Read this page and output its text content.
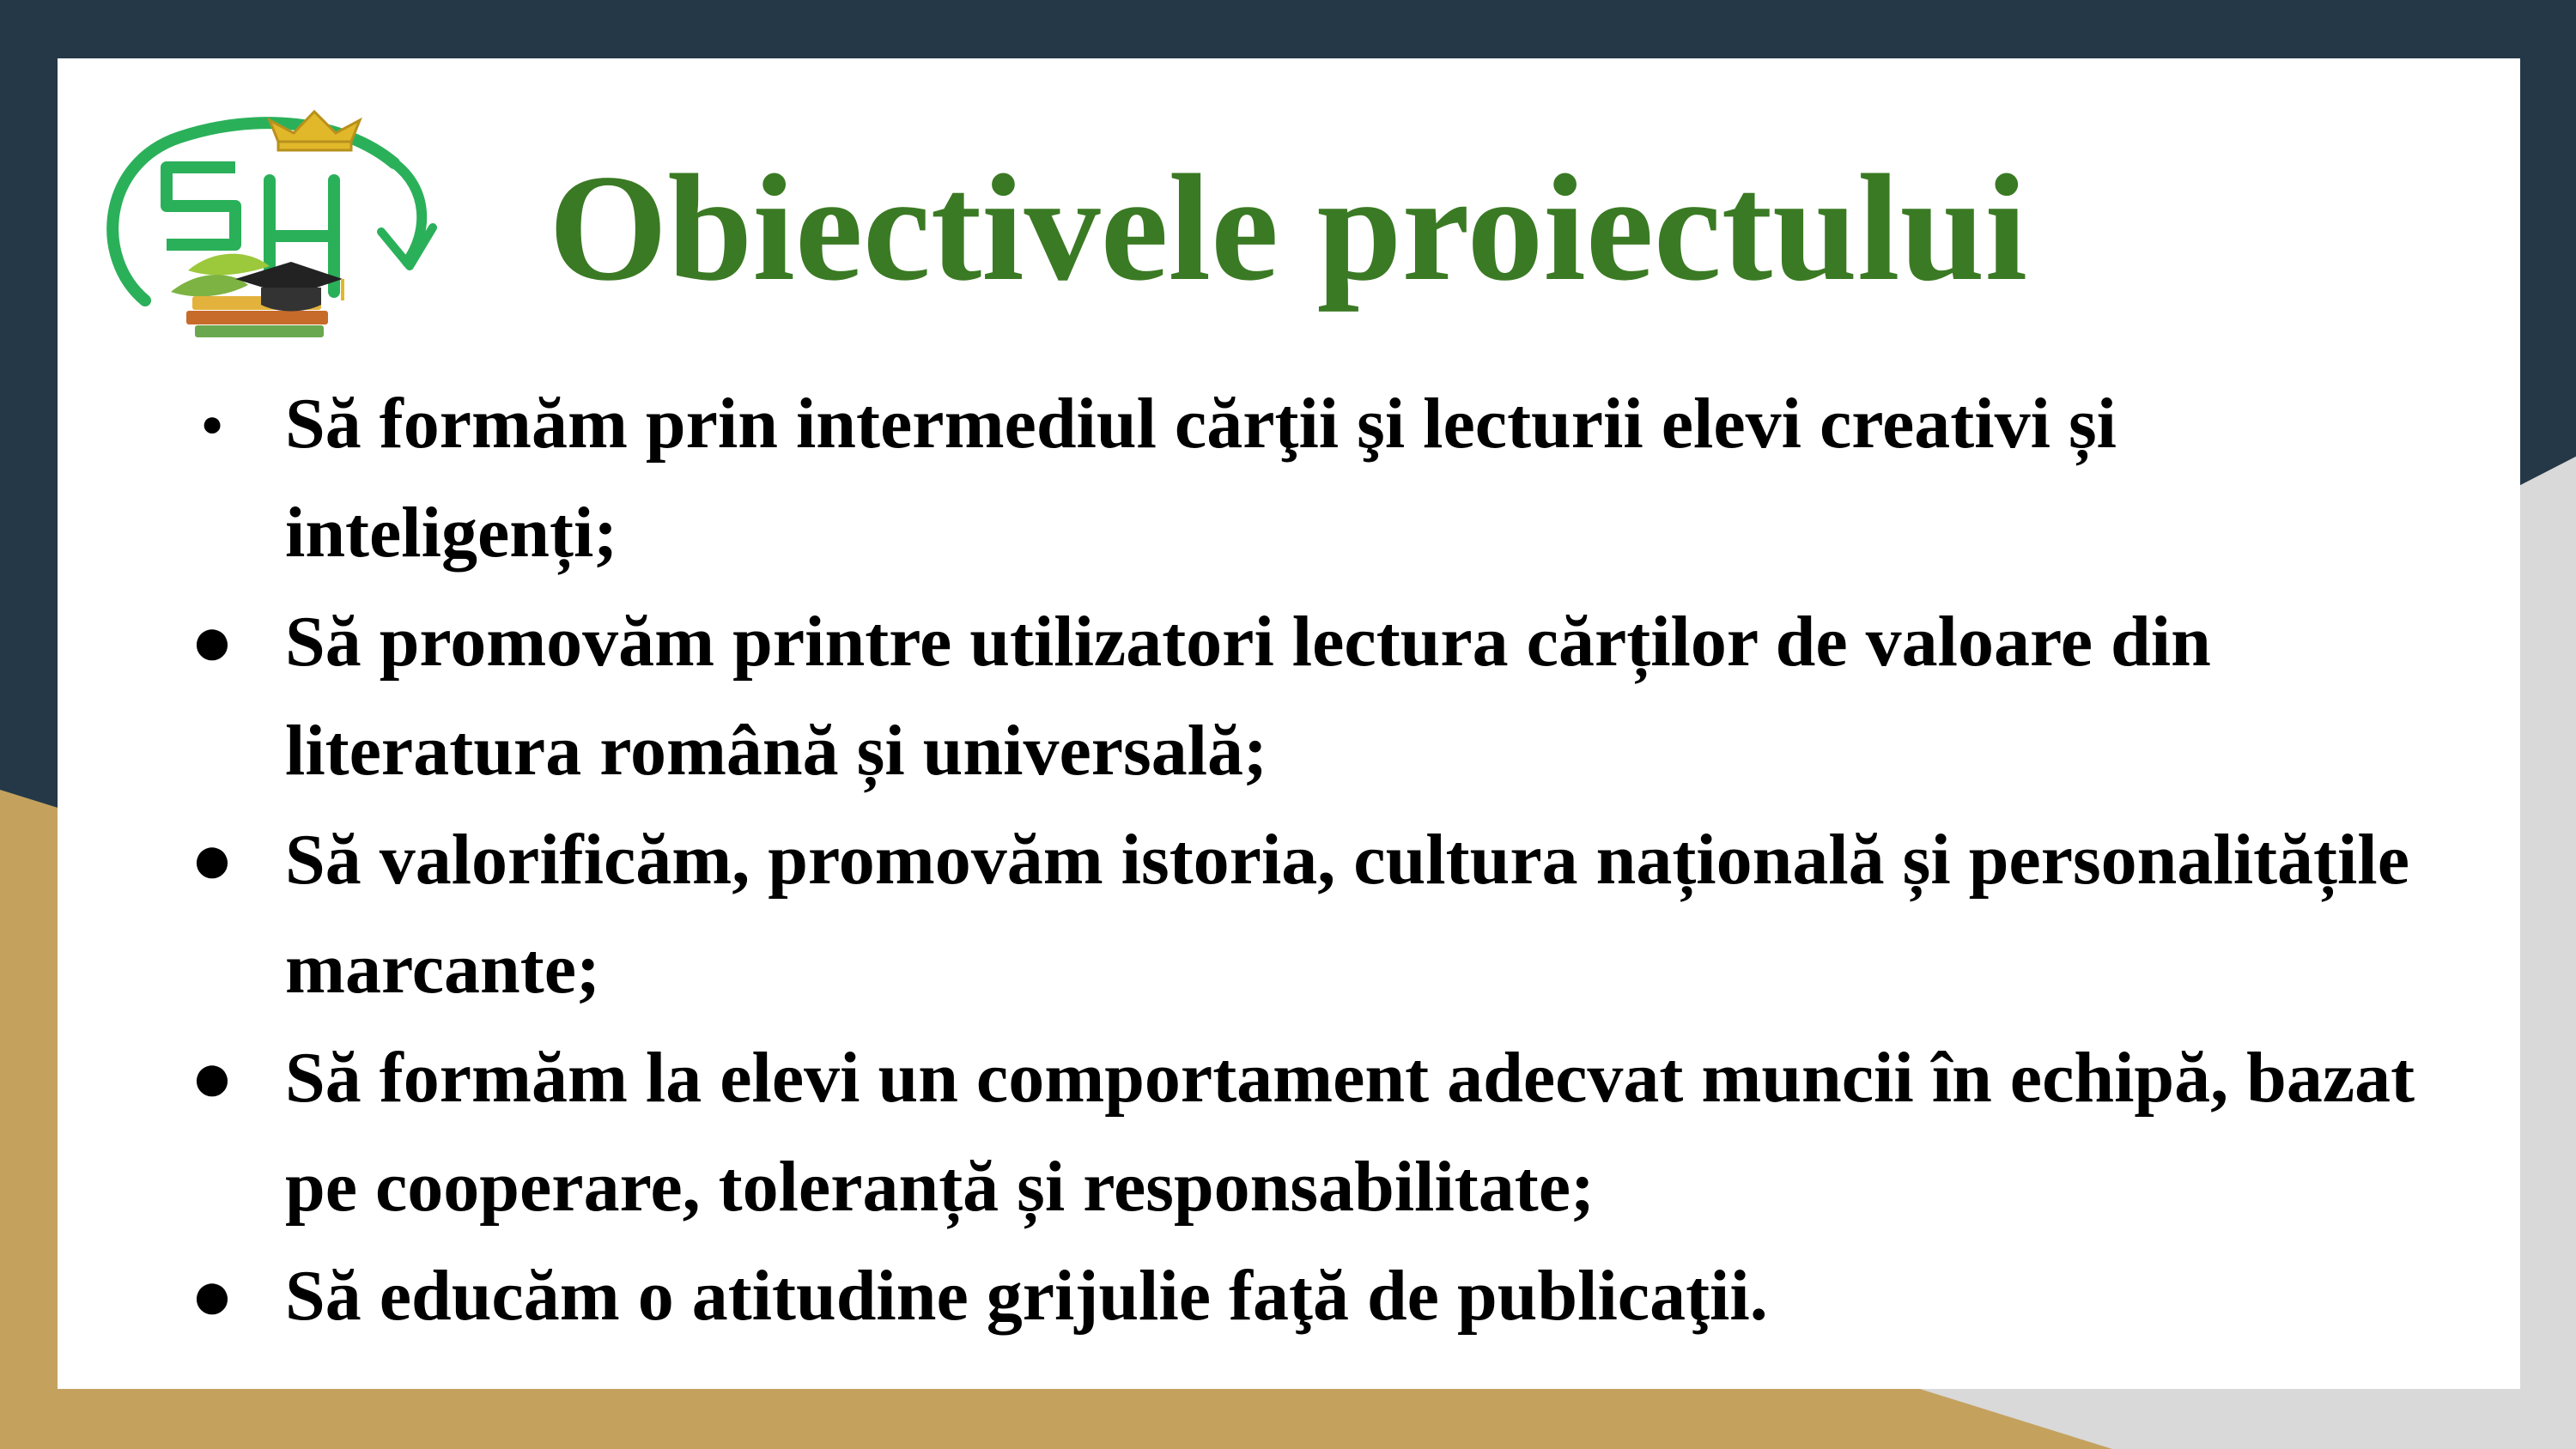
Obiectivele proiectului
● Să formăm prin intermediul cărţii şi lecturii elevi creativi și inteligenți;
● Să promovăm printre utilizatori lectura cărților de valoare din literatura română și universală;
● Să valorificăm, promovăm istoria, cultura națională și personalitățile marcante;
● Să formăm la elevi un comportament adecvat muncii în echipă, bazat pe cooperare, toleranță și responsabilitate;
● Să educăm o atitudine grijulie faţă de publicaţii.
